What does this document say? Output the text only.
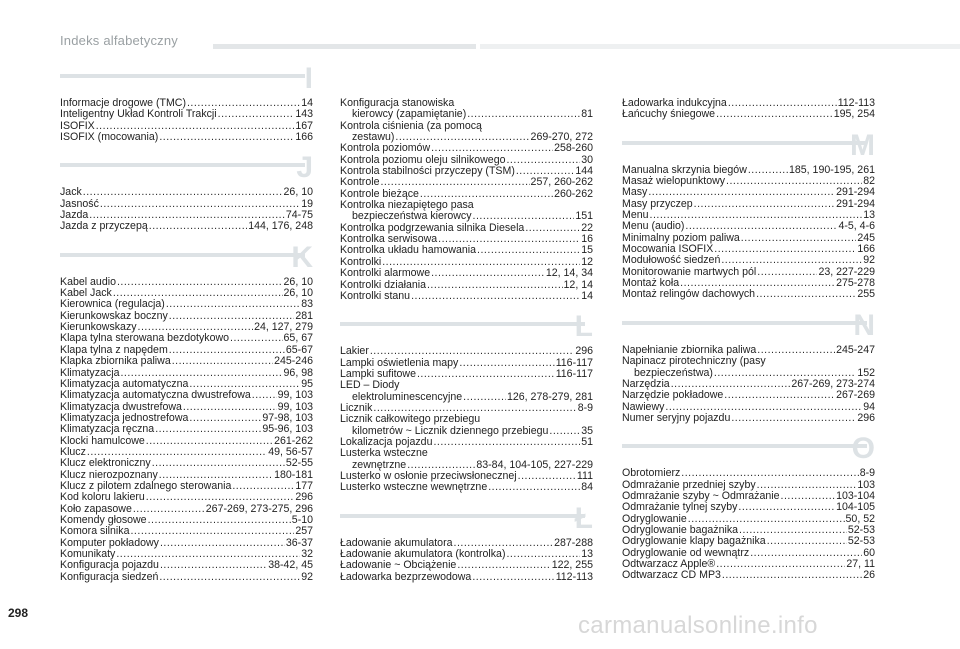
Indeks alfabetyczny
I
Informacje drogowe (TMC) .....	14
Inteligentny Układ Kontroli Trakcji .....	143
ISOFIX .....	167
ISOFIX (mocowania) .....	166
J
Jack .....	26, 10
Jasność .....	19
Jazda .....	74-75
Jazda z przyczepą .....	144, 176, 248
K
Kabel audio .....	26, 10
Kabel Jack .....	26, 10
Kierownica (regulacja) .....	83
Kierunkowskaz boczny .....	281
Kierunkowskazy .....	24, 127, 279
Klapa tylna sterowana bezdotykowo .....	65, 67
Klapa tylna z napędem .....	65-67
Klapka zbiornika paliwa .....	245-246
Klimatyzacja .....	96, 98
Klimatyzacja automatyczna .....	95
Klimatyzacja automatyczna dwustrefowa .....	99, 103
Klimatyzacja dwustrefowa .....	99, 103
Klimatyzacja jednostrefowa .....	97-98, 103
Klimatyzacja ręczna .....	95-96, 103
Klocki hamulcowe .....	261-262
Klucz .....	49, 56-57
Klucz elektroniczny .....	52-55
Klucz nierozpoznany .....	180-181
Klucz z pilotem zdalnego sterowania .....	177
Kod koloru lakieru .....	296
Koło zapasowe .....	267-269, 273-275, 296
Komendy głosowe .....	5-10
Komora silnika .....	257
Komputer pokładowy .....	36-37
Komunikaty .....	32
Konfiguracja pojazdu .....	38-42, 45
Konfiguracja siedzeń .....	92
Konfiguracja stanowiska
kierowcy (zapamiętanie) .....	81
Kontrola ciśnienia (za pomocą
zestawu) .....	269-270, 272
Kontrola poziomów .....	258-260
Kontrola poziomu oleju silnikowego .....	30
Kontrola stabilności przyczepy (TSM) .....	144
Kontrole .....	257, 260-262
Kontrole bieżące .....	260-262
Kontrolka niezapiętego pasa
bezpieczeństwa kierowcy .....	151
Kontrolka podgrzewania silnika Diesela .....	22
Kontrolka serwisowa .....	16
Kontrolka układu hamowania .....	15
Kontrolki .....	12
Kontrolki alarmowe .....	12, 14, 34
Kontrolki działania .....	12, 14
Kontrolki stanu .....	14
L
Lakier .....	296
Lampki oświetlenia mapy .....	116-117
Lampki sufitowe .....	116-117
LED – Diody
elektroluminescencyjne .....	126, 278-279, 281
Licznik .....	8-9
Licznik całkowitego przebiegu
kilometrów ~ Licznik dziennego przebiegu .....	35
Lokalizacja pojazdu .....	51
Lusterka wsteczne
zewnętrzne .....	83-84, 104-105, 227-229
Lusterko w osłonie przeciwsłonecznej .....	111
Lusterko wsteczne wewnętrzne .....	84
Ł
Ładowanie akumulatora .....	287-288
Ładowanie akumulatora (kontrolka) .....	13
Ładowanie ~ Obciążenie .....	122, 255
Ładowarka bezprzewodowa .....	112-113
Ładowarka indukcyjna .....	112-113
Łańcuchy śniegowe .....	195, 254
M
Manualna skrzynia biegów .....	185, 190-195, 261
Masaż wielopunktowy .....	82
Masy .....	291-294
Masy przyczep .....	291-294
Menu .....	13
Menu (audio) .....	4-5, 4-6
Minimalny poziom paliwa .....	245
Mocowania ISOFIX .....	166
Modułowość siedzeń .....	92
Monitorowanie martwych pól .....	23, 227-229
Montaż koła .....	275-278
Montaż relingów dachowych .....	255
N
Napełnianie zbiornika paliwa .....	245-247
Napinacz pirotechniczny (pasy
bezpieczeństwa) .....	152
Narzędzia .....	267-269, 273-274
Narzędzie pokładowe .....	267-269
Nawiewy .....	94
Numer seryjny pojazdu .....	296
O
Obrotomierz .....	8-9
Odmrażanie przedniej szyby .....	103
Odmrażanie szyby ~ Odmrażanie .....	103-104
Odmrażanie tylnej szyby .....	104-105
Odryglowanie .....	50, 52
Odryglowanie bagażnika .....	52-53
Odryglowanie klapy bagażnika .....	52-53
Odryglowanie od wewnątrz .....	60
Odtwarzacz Apple® .....	27, 11
Odtwarzacz CD MP3 .....	26
298	carmanualsonline.info
